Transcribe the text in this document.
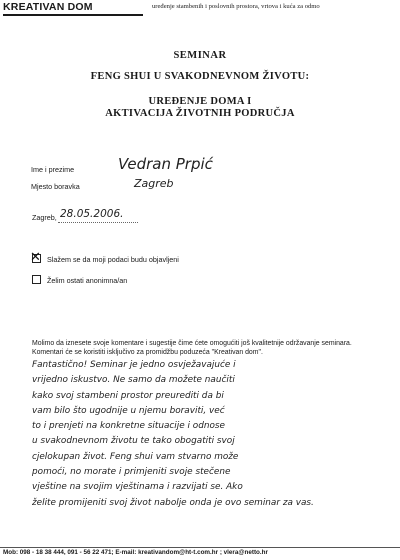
KREATIVAN DOM	uređenje stambenih i poslovnih prostora, vrtova i kuća za odmo
SEMINAR
FENG SHUI U SVAKODNEVNOM ŽIVOTU:
UREĐENJE DOMA I
AKTIVACIJA ŽIVOTNIH PODRUČJA
Ime i prezime	Vedran Prpić
Mjesto boravka	Zagreb
Zagreb, 28.05.2006.
✕ Slažem se da moji podaci budu objavljeni
Želim ostati anonimna/an
Molimo da iznesete svoje komentare i sugestije čime ćete omogućiti još kvalitetnije održavanje seminara. Komentari će se koristiti isključivo za promidžbu poduzeća "Kreativan dom".
Fantastično! Seminar je jedno osvježavajuće i
vrijedno iskustvo. Ne samo da možete naučiti
kako svoj stambeni prostor preurediti da bi
vam bilo što ugodnije u njemu boraviti, već
to i prenjeti na konkretne situacije i odnose
u svakodnevnom životu te tako obogatiti svoj
cjelokupan život. Feng shui vam stvarno može
pomoći, no morate i primjeniti svoje stečene
vještine na svojim vještinama i razvijati se. Ako
želite promijeniti svoj život nabolje onda je ovo seminar za vas.
Mob: 098 - 18 38 444, 091 - 56 22 471; E-mail: kreativandom@ht-t.com.hr ; vlera@netto.hr
